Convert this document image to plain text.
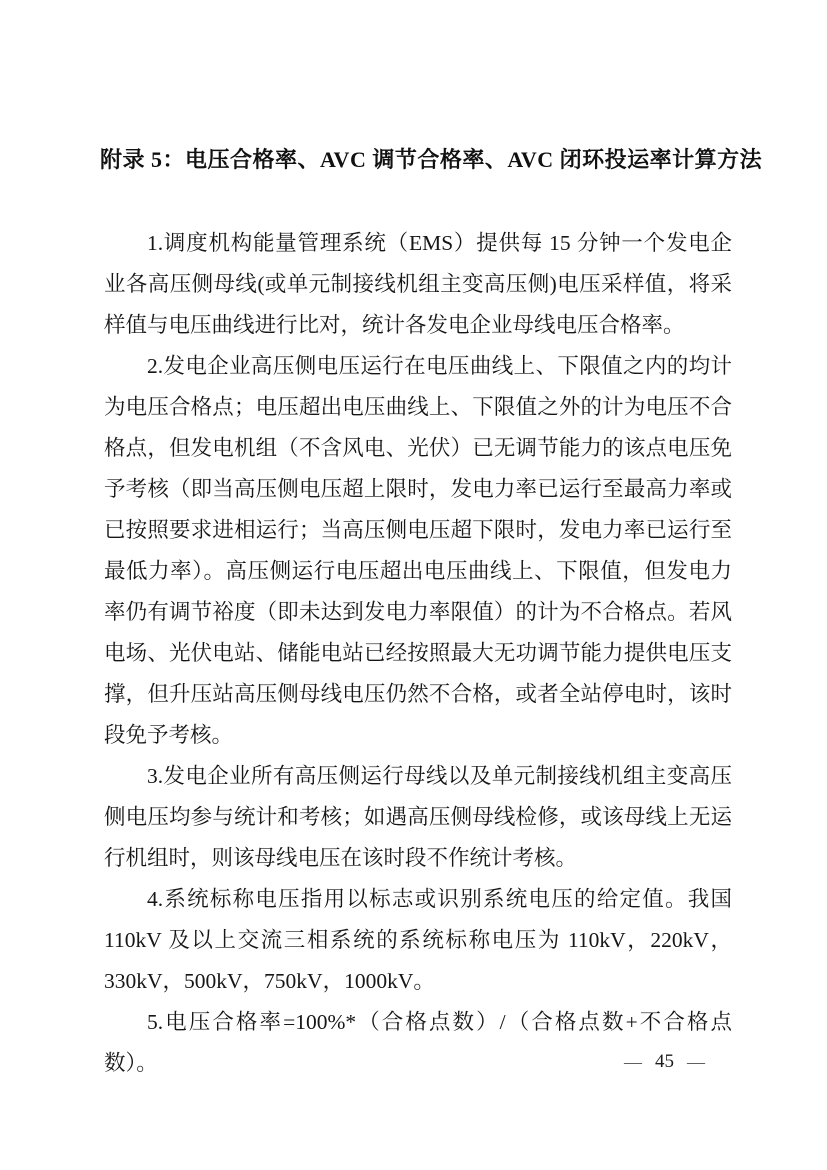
附录 5：电压合格率、AVC 调节合格率、AVC 闭环投运率计算方法

1.调度机构能量管理系统（EMS）提供每 15 分钟一个发电企业各高压侧母线(或单元制接线机组主变高压侧)电压采样值，将采样值与电压曲线进行比对，统计各发电企业母线电压合格率。

2.发电企业高压侧电压运行在电压曲线上、下限值之内的均计为电压合格点；电压超出电压曲线上、下限值之外的计为电压不合格点，但发电机组（不含风电、光伏）已无调节能力的该点电压免予考核（即当高压侧电压超上限时，发电力率已运行至最高力率或已按照要求进相运行；当高压侧电压超下限时，发电力率已运行至最低力率）。高压侧运行电压超出电压曲线上、下限值，但发电力率仍有调节裕度（即未达到发电力率限值）的计为不合格点。若风电场、光伏电站、储能电站已经按照最大无功调节能力提供电压支撑，但升压站高压侧母线电压仍然不合格，或者全站停电时，该时段免予考核。

3.发电企业所有高压侧运行母线以及单元制接线机组主变高压侧电压均参与统计和考核；如遇高压侧母线检修，或该母线上无运行机组时，则该母线电压在该时段不作统计考核。

4.系统标称电压指用以标志或识别系统电压的给定值。我国 110kV 及以上交流三相系统的系统标称电压为 110kV，220kV，330kV，500kV，750kV，1000kV。

5.电压合格率=100%*（合格点数）/（合格点数+不合格点数）。	— 45 —
